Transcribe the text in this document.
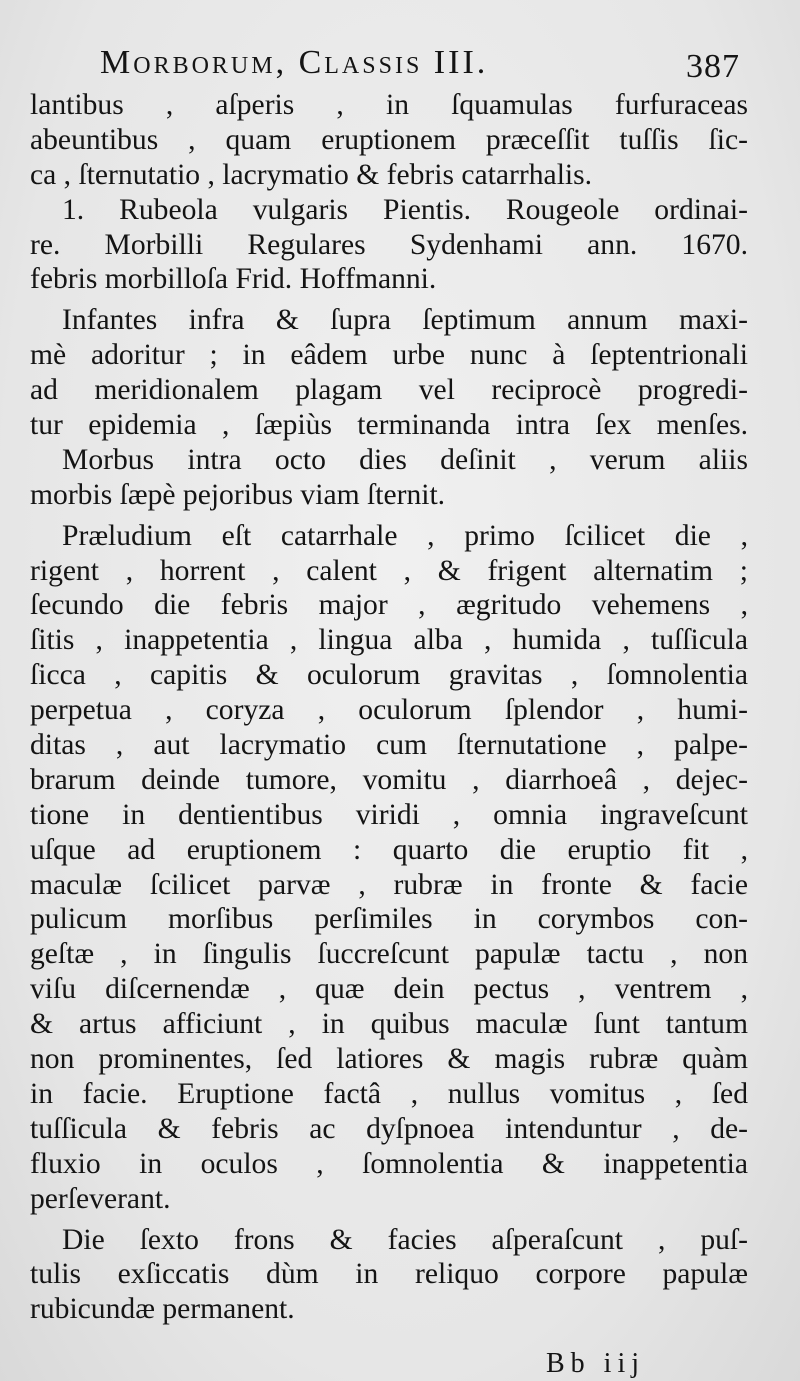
Morborum, Classis III.	387
lantibus , aſperis , in ſquamulas furfuraceas
abeuntibus , quam eruptionem præceſſit tuſſis ſic-
ca , ſternutatio , lacrymatio & febris catarrhalis.
1. Rubeola vulgaris Pientis. Rougeole ordinai-
re. Morbilli Regulares Sydenhami ann. 1670.
febris morbilloſa Frid. Hoffmanni.
Infantes infra & ſupra ſeptimum annum maxi-
mè adoritur ; in eâdem urbe nunc à ſeptentrionali
ad meridionalem plagam vel reciprocè progredi-
tur epidemia , ſæpiùs terminanda intra ſex menſes.
Morbus intra octo dies deſinit , verum aliis
morbis ſæpè pejoribus viam ſternit.
Præludium eſt catarrhale , primo ſcilicet die ,
rigent , horrent , calent , & frigent alternatim ;
ſecundo die febris major , ægritudo vehemens ,
ſitis , inappetentia , lingua alba , humida , tuſſicula
ſicca , capitis & oculorum gravitas , ſomnolentia
perpetua , coryza , oculorum ſplendor , humi-
ditas , aut lacrymatio cum ſternutatione , palpe-
brarum deinde tumore, vomitu , diarrhoeâ , dejec-
tione in dentientibus viridi , omnia ingraveſcunt
uſque ad eruptionem : quarto die eruptio fit ,
maculæ ſcilicet parvæ , rubræ in fronte & facie
pulicum morſibus perſimiles in corymbos con-
geſtæ , in ſingulis ſuccreſcunt papulæ tactu , non
viſu diſcernendæ , quæ dein pectus , ventrem ,
& artus afficiunt , in quibus maculæ ſunt tantum
non prominentes, ſed latiores & magis rubræ quàm
in facie. Eruptione factâ , nullus vomitus , ſed
tuſſicula & febris ac dyſpnoea intenduntur , de-
fluxio in oculos , ſomnolentia & inappetentia
perſeverant.
Die ſexto frons & facies aſperaſcunt , puſ-
tulis exſiccatis dùm in reliquo corpore papulæ
rubicundæ permanent.
Bb iij
